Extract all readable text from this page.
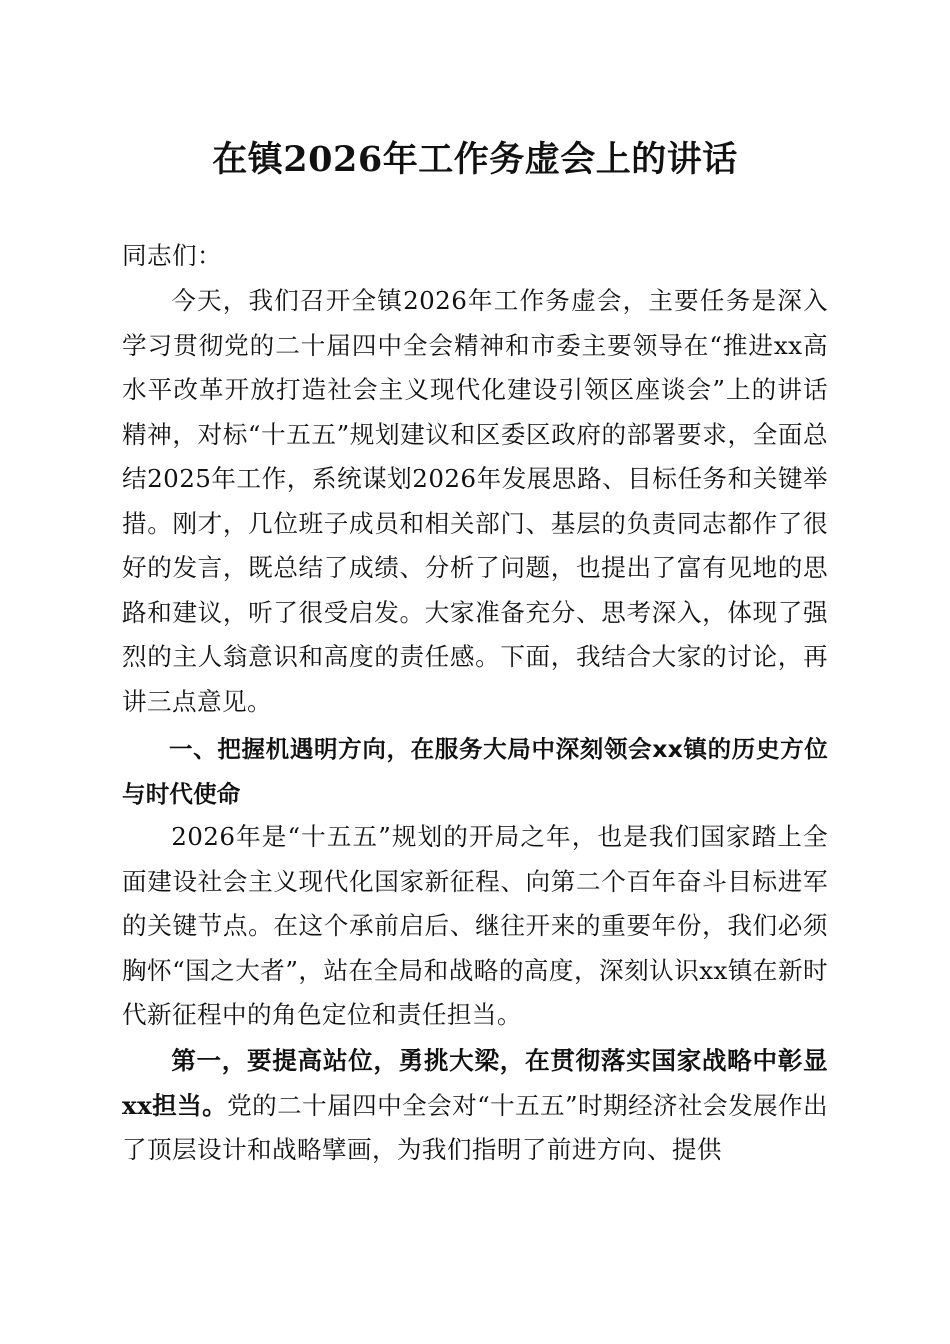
在镇2026年工作务虚会上的讲话
同志们：
今天，我们召开全镇2026年工作务虚会，主要任务是深入学习贯彻党的二十届四中全会精神和市委主要领导在“推进xx高水平改革开放打造社会主义现代化建设引领区座谈会”上的讲话精神，对标“十五五”规划建议和区委区政府的部署要求，全面总结2025年工作，系统谋划2026年发展思路、目标任务和关键举措。刚才，几位班子成员和相关部门、基层的负责同志都作了很好的发言，既总结了成绩、分析了问题，也提出了富有见地的思路和建议，听了很受启发。大家准备充分、思考深入，体现了强烈的主人翁意识和高度的责任感。下面，我结合大家的讨论，再讲三点意见。
一、把握机遇明方向，在服务大局中深刻领会xx镇的历史方位与时代使命
2026年是“十五五”规划的开局之年，也是我们国家踏上全面建设社会主义现代化国家新征程、向第二个百年奋斗目标进军的关键节点。在这个承前启后、继往开来的重要年份，我们必须胸怀“国之大者”，站在全局和战略的高度，深刻认识xx镇在新时代新征程中的角色定位和责任担当。
第一，要提高站位，勇挑大梁，在贯彻落实国家战略中彰显xx担当。党的二十届四中全会对“十五五”时期经济社会发展作出了顶层设计和战略擘画，为我们指明了前进方向、提供
